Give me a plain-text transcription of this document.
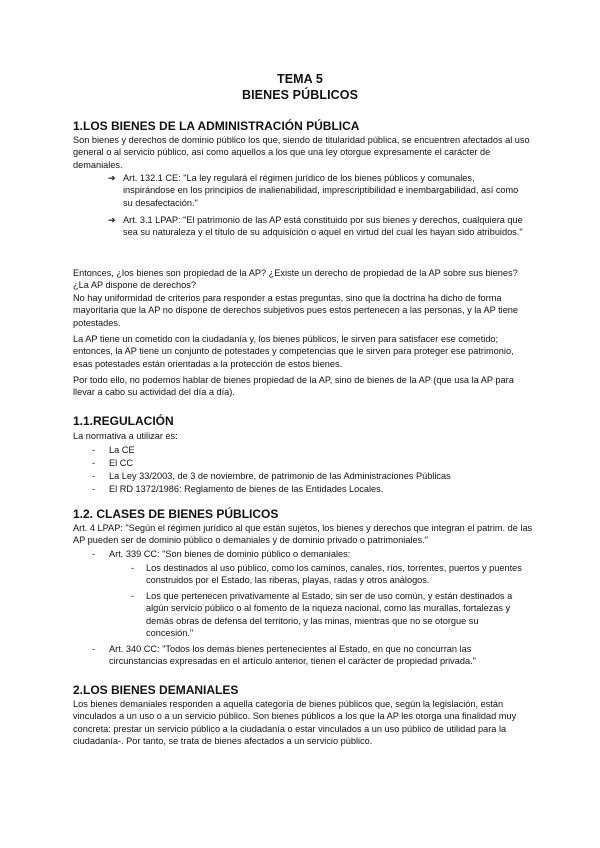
TEMA 5
BIENES PÚBLICOS
1.LOS BIENES DE LA ADMINISTRACIÓN PÚBLICA

Son bienes y derechos de dominio público los que, siendo de titularidad pública, se encuentren afectados al uso general o al servicio público, así como aquellos a los que una ley otorgue expresamente el carácter de demaniales.

➔ Art. 132.1 CE: "La ley regulará el régimen jurídico de los bienes públicos y comunales, inspirándose en los principios de inalienabilidad, imprescriptibilidad e inembargabilidad, así como su desafectación."

➔ Art. 3.1 LPAP: "El patrimonio de las AP está constituido por sus bienes y derechos, cualquiera que sea su naturaleza y el título de su adquisición o aquel en virtud del cual les hayan sido atribuidos."

Entonces, ¿los bienes son propiedad de la AP? ¿Existe un derecho de propiedad de la AP sobre sus bienes? ¿La AP dispone de derechos?

No hay uniformidad de criterios para responder a estas preguntas, sino que la doctrina ha dicho de forma mayoritaria que la AP no dispone de derechos subjetivos pues estos pertenecen a las personas, y la AP tiene potestades.

La AP tiene un cometido con la ciudadanía y, los bienes públicos, le sirven para satisfacer ese cometido; entonces, la AP tiene un conjunto de potestades y competencias que le sirven para proteger ese patrimonio, esas potestades están orientadas a la protección de estos bienes.

Por todo ello, no podemos hablar de bienes propiedad de la AP, sino de bienes de la AP (que usa la AP para llevar a cabo su actividad del día a día).

1.1.REGULACIÓN

La normativa a utilizar es:

- La CE
- El CC
- La Ley 33/2003, de 3 de noviembre, de patrimonio de las Administraciones Públicas
- El RD 1372/1986: Reglamento de bienes de las Entidades Locales.
1.2. CLASES DE BIENES PÚBLICOS

Art. 4 LPAP: "Según el régimen jurídico al que están sujetos, los bienes y derechos que integran el patrim. de las AP pueden ser de dominio público o demaniales y de dominio privado o patrimoniales."

- Art. 339 CC: "Son bienes de dominio público o demaniales:
- Los destinados al uso público, como los caminos, canales, ríos, torrentes, puertos y puentes construidos por el Estado, las riberas, playas, radas y otros análogos.

- Los que pertenecen privativamente al Estado, sin ser de uso común, y están destinados a algún servicio público o al fomento de la riqueza nacional, como las murallas, fortalezas y demás obras de defensa del territorio, y las minas, mientras que no se otorgue su concesión."

- Art. 340 CC: "Todos los demás bienes pertenecientes al Estado, en que no concurran las circunstancias expresadas en el artículo anterior, tienen el carácter de propiedad privada."

2.LOS BIENES DEMANIALES

Los bienes demaniales responden a aquella categoría de bienes públicos que, según la legislación, están vinculados a un uso o a un servicio público. Son bienes públicos a los que la AP les otorga una finalidad muy concreta: prestar un servicio público a la ciudadanía o estar vinculados a un uso público de utilidad para la ciudadanía-. Por tanto, se trata de bienes afectados a un servicio público.
